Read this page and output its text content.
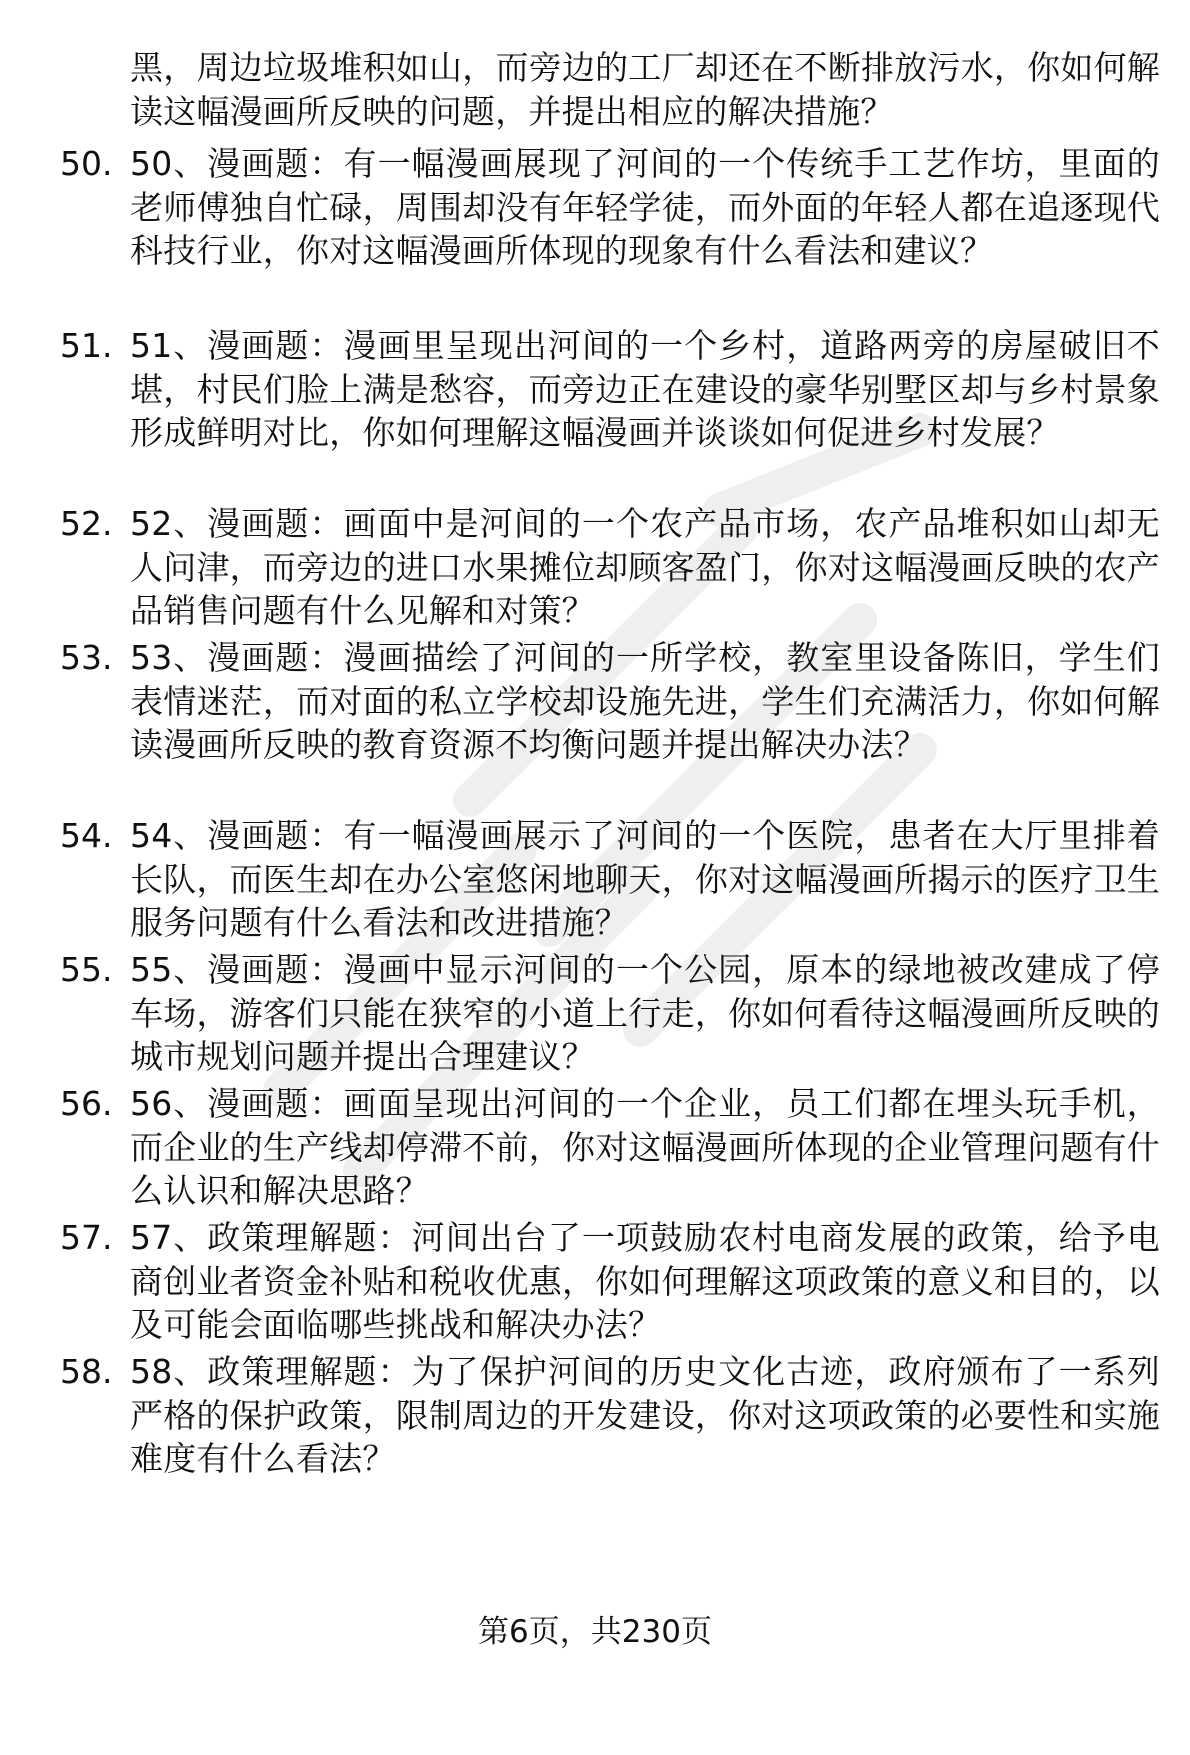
黑，周边垃圾堆积如山，而旁边的工厂却还在不断排放污水，你如何解读这幅漫画所反映的问题，并提出相应的解决措施？

50. 50、漫画题：有一幅漫画展现了河间的一个传统手工艺作坊，里面的老师傅独自忙碌，周围却没有年轻学徒，而外面的年轻人都在追逐现代科技行业，你对这幅漫画所体现的现象有什么看法和建议？

51. 51、漫画题：漫画里呈现出河间的一个乡村，道路两旁的房屋破旧不堪，村民们脸上满是愁容，而旁边正在建设的豪华别墅区却与乡村景象形成鲜明对比，你如何理解这幅漫画并谈谈如何促进乡村发展？

52. 52、漫画题：画面中是河间的一个农产品市场，农产品堆积如山却无人问津，而旁边的进口水果摊位却顾客盈门，你对这幅漫画反映的农产品销售问题有什么见解和对策？

53. 53、漫画题：漫画描绘了河间的一所学校，教室里设备陈旧，学生们表情迷茫，而对面的私立学校却设施先进，学生们充满活力，你如何解读漫画所反映的教育资源不均衡问题并提出解决办法？

54. 54、漫画题：有一幅漫画展示了河间的一个医院，患者在大厅里排着长队，而医生却在办公室悠闲地聊天，你对这幅漫画所揭示的医疗卫生服务问题有什么看法和改进措施？

55. 55、漫画题：漫画中显示河间的一个公园，原本的绿地被改建成了停车场，游客们只能在狭窄的小道上行走，你如何看待这幅漫画所反映的城市规划问题并提出合理建议？

56. 56、漫画题：画面呈现出河间的一个企业，员工们都在埋头玩手机，而企业的生产线却停滞不前，你对这幅漫画所体现的企业管理问题有什么认识和解决思路？

57. 57、政策理解题：河间出台了一项鼓励农村电商发展的政策，给予电商创业者资金补贴和税收优惠，你如何理解这项政策的意义和目的，以及可能会面临哪些挑战和解决办法？

58. 58、政策理解题：为了保护河间的历史文化古迹，政府颁布了一系列严格的保护政策，限制周边的开发建设，你对这项政策的必要性和实施难度有什么看法？

第6页，共230页
